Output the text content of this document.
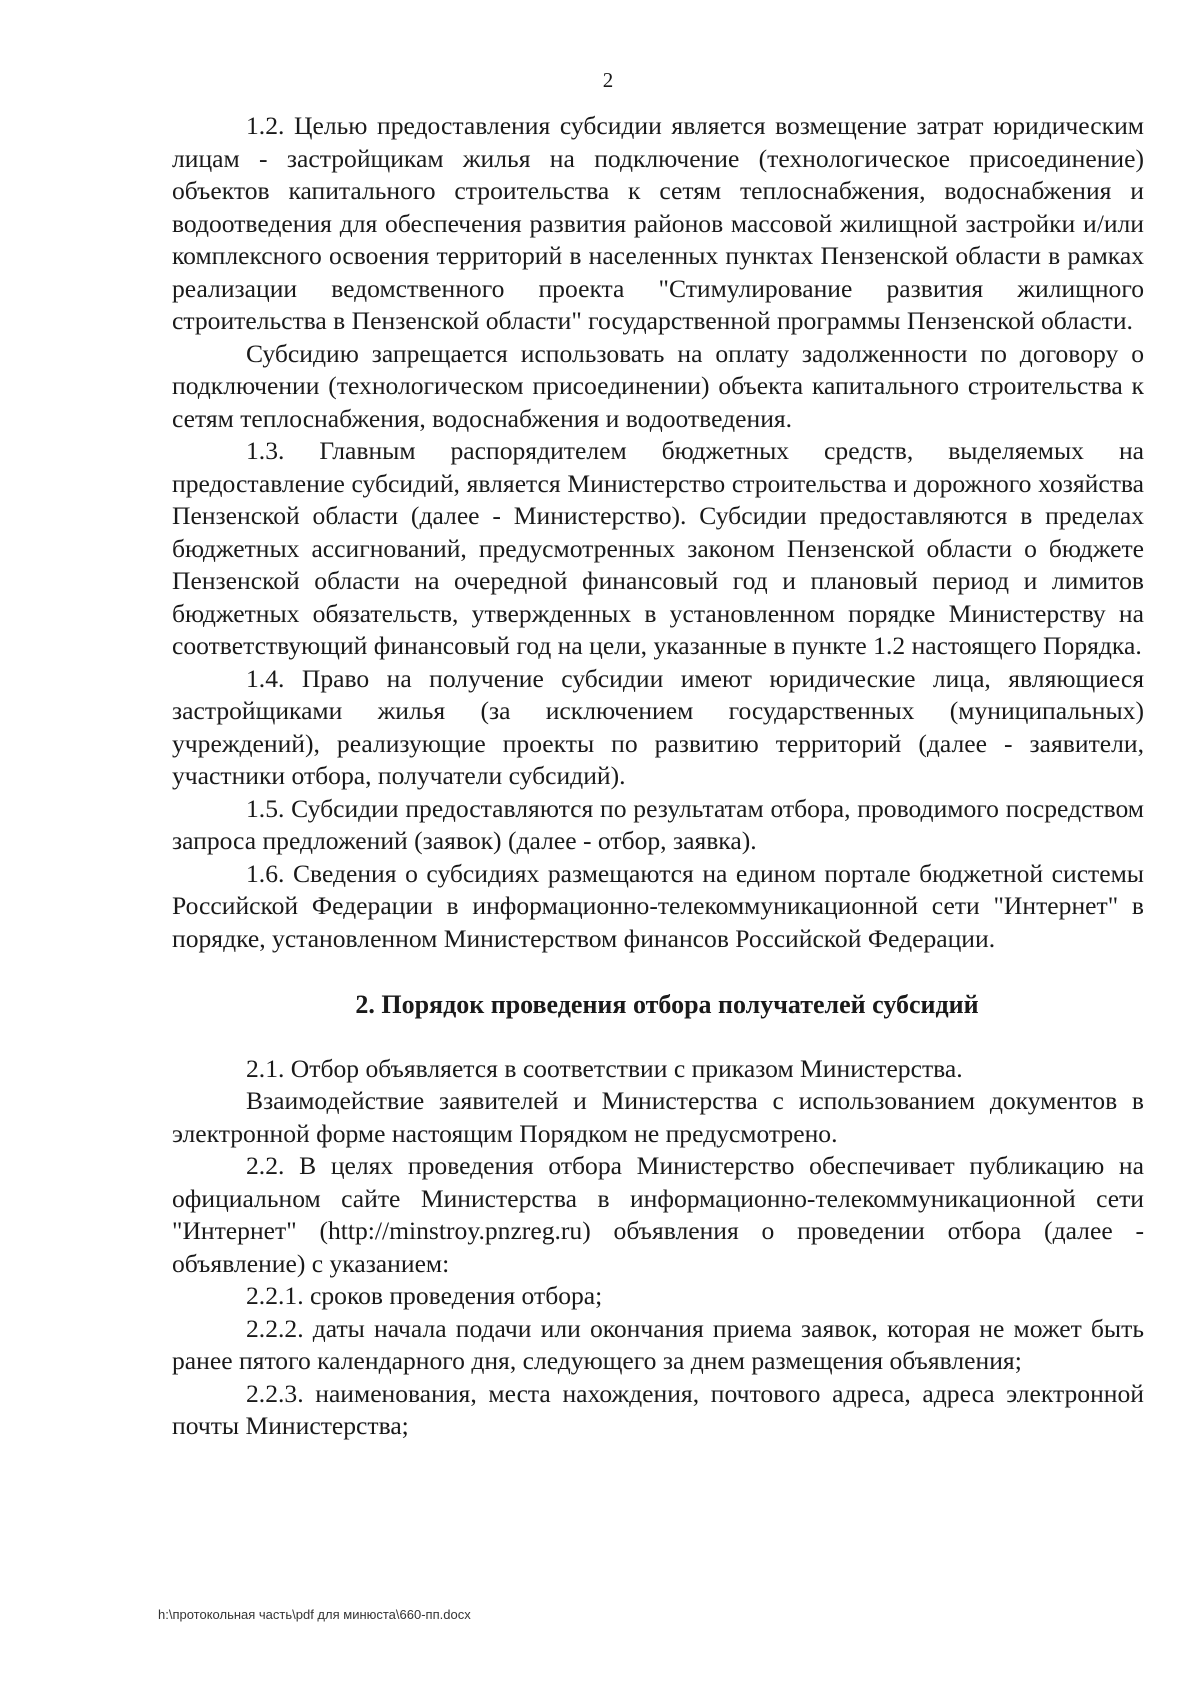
2

1.2. Целью предоставления субсидии является возмещение затрат юридическим лицам - застройщикам жилья на подключение (технологическое присоединение) объектов капитального строительства к сетям теплоснабжения, водоснабжения и водоотведения для обеспечения развития районов массовой жилищной застройки и/или комплексного освоения территорий в населенных пунктах Пензенской области в рамках реализации ведомственного проекта "Стимулирование развития жилищного строительства в Пензенской области" государственной программы Пензенской области.

Субсидию запрещается использовать на оплату задолженности по договору о подключении (технологическом присоединении) объекта капитального строительства к сетям теплоснабжения, водоснабжения и водоотведения.

1.3. Главным распорядителем бюджетных средств, выделяемых на предоставление субсидий, является Министерство строительства и дорожного хозяйства Пензенской области (далее - Министерство). Субсидии предоставляются в пределах бюджетных ассигнований, предусмотренных законом Пензенской области о бюджете Пензенской области на очередной финансовый год и плановый период и лимитов бюджетных обязательств, утвержденных в установленном порядке Министерству на соответствующий финансовый год на цели, указанные в пункте 1.2 настоящего Порядка.

1.4. Право на получение субсидии имеют юридические лица, являющиеся застройщиками жилья (за исключением государственных (муниципальных) учреждений), реализующие проекты по развитию территорий (далее - заявители, участники отбора, получатели субсидий).

1.5. Субсидии предоставляются по результатам отбора, проводимого посредством запроса предложений (заявок) (далее - отбор, заявка).

1.6. Сведения о субсидиях размещаются на едином портале бюджетной системы Российской Федерации в информационно-телекоммуникационной сети "Интернет" в порядке, установленном Министерством финансов Российской Федерации.

2. Порядок проведения отбора получателей субсидий

2.1. Отбор объявляется в соответствии с приказом Министерства.

Взаимодействие заявителей и Министерства с использованием документов в электронной форме настоящим Порядком не предусмотрено.

2.2. В целях проведения отбора Министерство обеспечивает публикацию на официальном сайте Министерства в информационно-телекоммуникационной сети "Интернет" (http://minstroy.pnzreg.ru) объявления о проведении отбора (далее - объявление) с указанием:

2.2.1. сроков проведения отбора;

2.2.2. даты начала подачи или окончания приема заявок, которая не может быть ранее пятого календарного дня, следующего за днем размещения объявления;

2.2.3. наименования, места нахождения, почтового адреса, адреса электронной почты Министерства;

h:\протокольная часть\pdf для минюста\660-пп.docx
